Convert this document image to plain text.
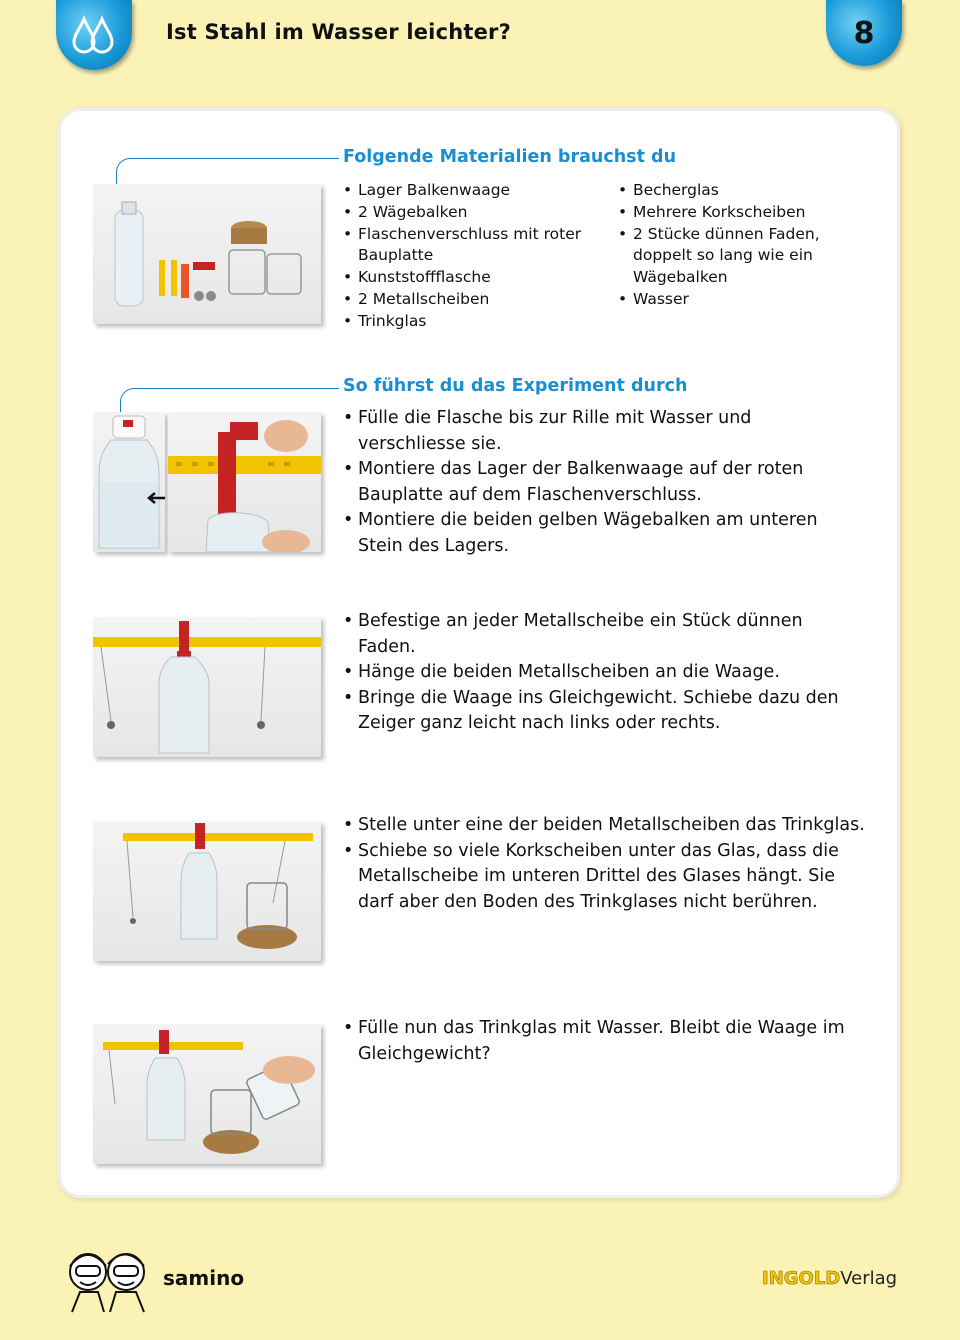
Ist Stahl im Wasser leichter?	8
Folgende Materialien brauchst du
• Lager Balkenwaage
• 2 Wägebalken
• Flaschenverschluss mit roter Bauplatte
• Kunststoffflasche
• 2 Metallscheiben
• Trinkglas
• Becherglas
• Mehrere Korkscheiben
• 2 Stücke dünnen Faden, doppelt so lang wie ein Wägebalken
• Wasser
So führst du das Experiment durch
• Fülle die Flasche bis zur Rille mit Wasser und verschliesse sie.
• Montiere das Lager der Balkenwaage auf der roten Bauplatte auf dem Flaschenverschluss.
• Montiere die beiden gelben Wägebalken am unteren Stein des Lagers.
• Befestige an jeder Metallscheibe ein Stück dünnen Faden.
• Hänge die beiden Metallscheiben an die Waage.
• Bringe die Waage ins Gleichgewicht. Schiebe dazu den Zeiger ganz leicht nach links oder rechts.
• Stelle unter eine der beiden Metallscheiben das Trinkglas.
• Schiebe so viele Korkscheiben unter das Glas, dass die Metallscheibe im unteren Drittel des Glases hängt. Sie darf aber den Boden des Trinkglases nicht berühren.
• Fülle nun das Trinkglas mit Wasser. Bleibt die Waage im Gleichgewicht?
samino	INGOLDVerlag
